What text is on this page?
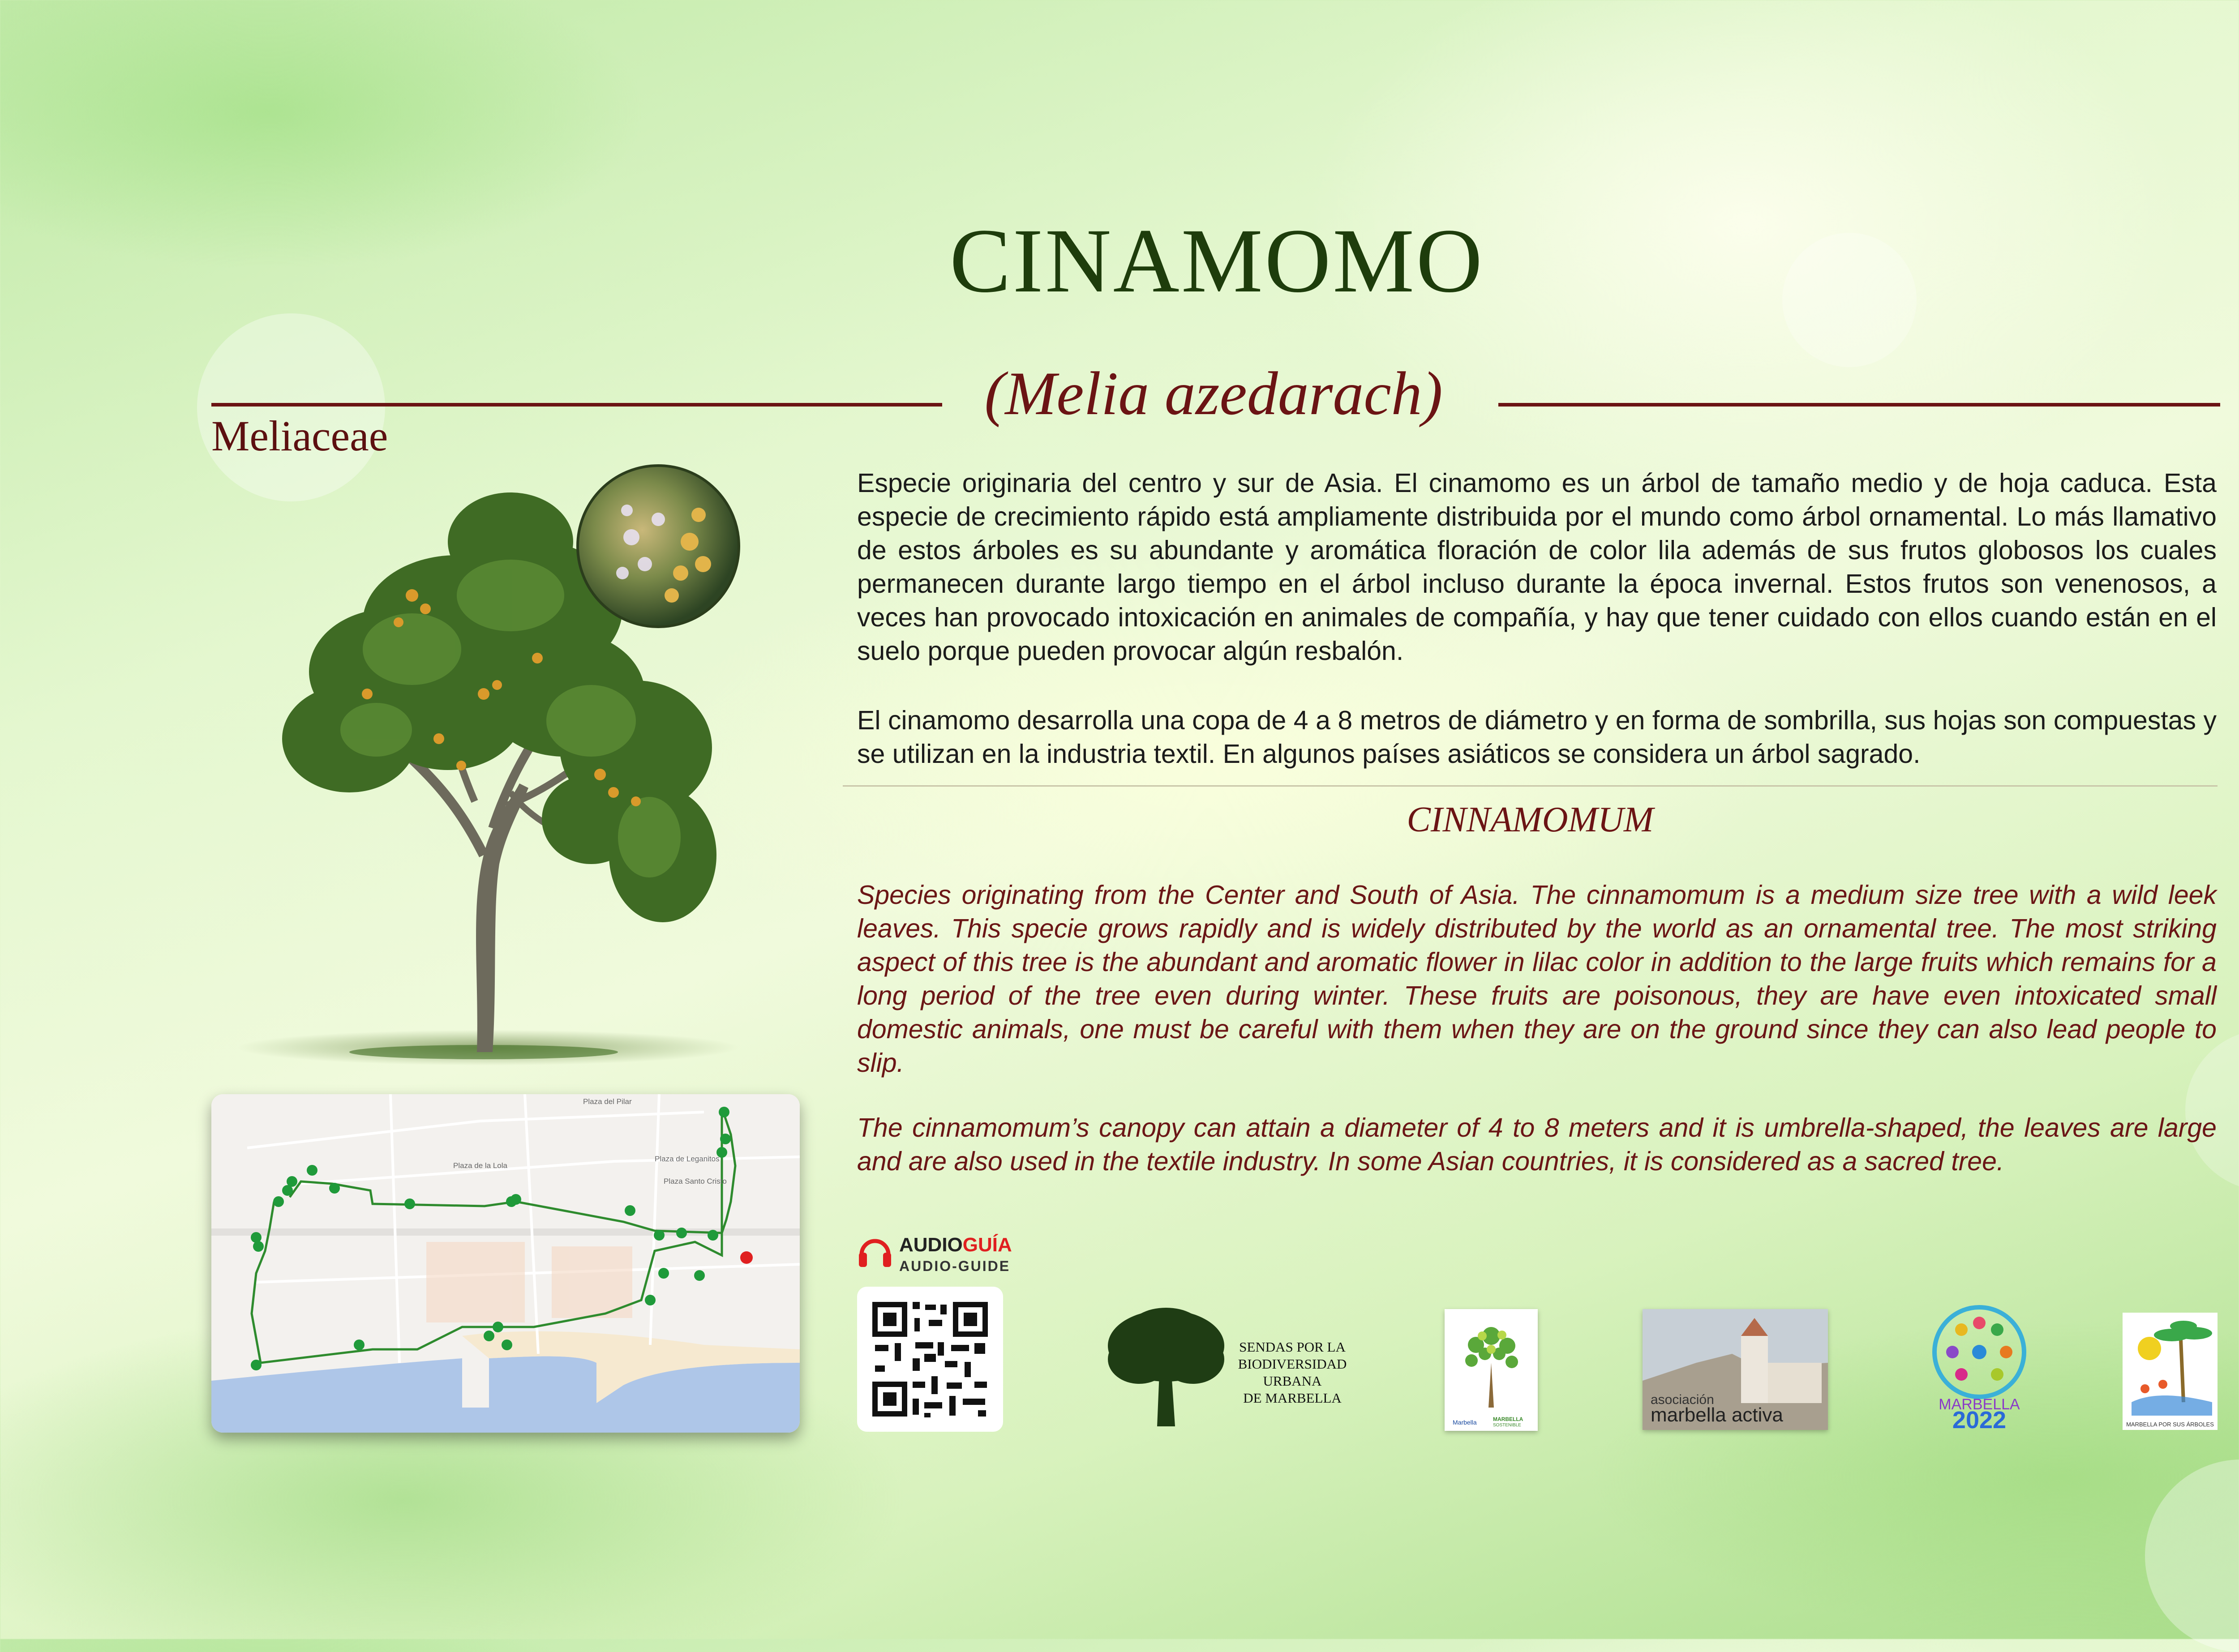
CINAMOMO
(Melia azedarach)
Meliaceae

Especie originaria del centro y sur de Asia. El cinamomo es un árbol de tamaño medio y de hoja caduca. Esta especie de crecimiento rápido está ampliamente distribuida por el mundo como árbol ornamental. Lo más llamativo de estos árboles es su abundante y aromática floración de color lila además de sus frutos globosos los cuales permanecen durante largo tiempo en el árbol incluso durante la época invernal. Estos frutos son venenosos, a veces han provocado intoxicación en animales de compañía, y hay que tener cuidado con ellos cuando están en el suelo porque pueden provocar algún resbalón.

El cinamomo desarrolla una copa de 4 a 8 metros de diámetro y en forma de sombrilla, sus hojas son compuestas y se utilizan en la industria textil. En algunos países asiáticos se considera un árbol sagrado.

CINNAMOMUM

Species originating from the Center and South of Asia. The cinnamomum is a medium size tree with a wild leek leaves. This specie grows rapidly and is widely distributed by the world as an ornamental tree. The most striking aspect of this tree is the abundant and aromatic flower in lilac color in addition to the large fruits which remains for a long period of the tree even during winter. These fruits are poisonous, they are have even intoxicated small domestic animals, one must be careful with them when they are on the ground since they can also lead people to slip.

The cinnamomum’s canopy can attain a diameter of 4 to 8 meters and it is umbrella-shaped, the leaves are large and are also used in the textile industry. In some Asian countries, it is considered as a sacred tree.

Plaza del Pilar
Plaza de la Lola
Plaza de Leganitos
Plaza Santo Cristo
AUDIOGUÍA
AUDIO-GUIDE
SENDAS POR LA
BIODIVERSIDAD
URBANA
DE MARBELLA
Marbella	MARBELLA
SOSTENIBLE
asociación
marbella activa	MARBELLA
2022	MARBELLA POR SUS ÁRBOLES
